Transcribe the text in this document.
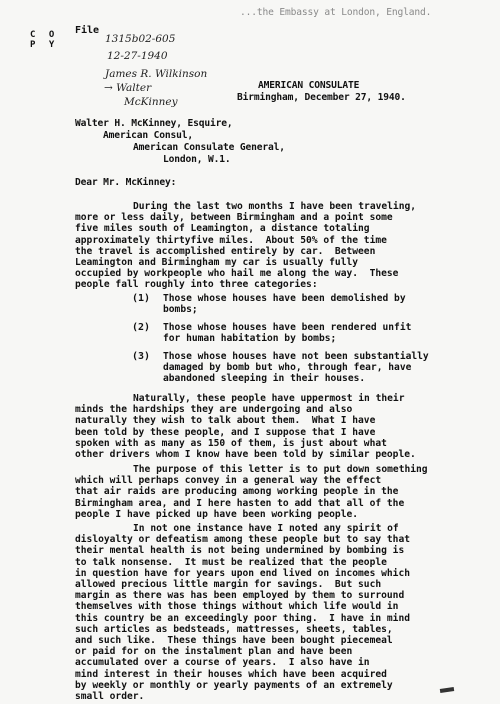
...the Embassy at London, England.
File
C O P Y	1315b02-605
12-27-1940
James R. Wilkinson
→ Walter
McKinney
AMERICAN CONSULATE
Birmingham, December 27, 1940.
Walter H. McKinney, Esquire,
American Consul,
American Consulate General,
London, W.1.
Dear Mr. McKinney:
During the last two months I have been traveling,
more or less daily, between Birmingham and a point some
five miles south of Leamington, a distance totaling
approximately thirtyfive miles.  About 50% of the time
the travel is accomplished entirely by car.  Between
Leamington and Birmingham my car is usually fully
occupied by workpeople who hail me along the way.  These
people fall roughly into three categories:
(1) Those whose houses have been demolished by
bombs;
(2) Those whose houses have been rendered unfit
for human habitation by bombs;
(3) Those whose houses have not been substantially
damaged by bomb but who, through fear, have
abandoned sleeping in their houses.
Naturally, these people have uppermost in their
minds the hardships they are undergoing and also
naturally they wish to talk about them.  What I have
been told by these people, and I suppose that I have
spoken with as many as 150 of them, is just about what
other drivers whom I know have been told by similar people.
The purpose of this letter is to put down something
which will perhaps convey in a general way the effect
that air raids are producing among working people in the
Birmingham area, and I here hasten to add that all of the
people I have picked up have been working people.
In not one instance have I noted any spirit of
disloyalty or defeatism among these people but to say that
their mental health is not being undermined by bombing is
to talk nonsense.  It must be realized that the people
in question have for years upon end lived on incomes which
allowed precious little margin for savings.  But such
margin as there was has been employed by them to surround
themselves with those things without which life would in
this country be an exceedingly poor thing.  I have in mind
such articles as bedsteads, mattresses, sheets, tables,
and such like.  These things have been bought piecemeal
or paid for on the instalment plan and have been
accumulated over a course of years.  I also have in
mind interest in their houses which have been acquired
by weekly or monthly or yearly payments of an extremely
small order.
